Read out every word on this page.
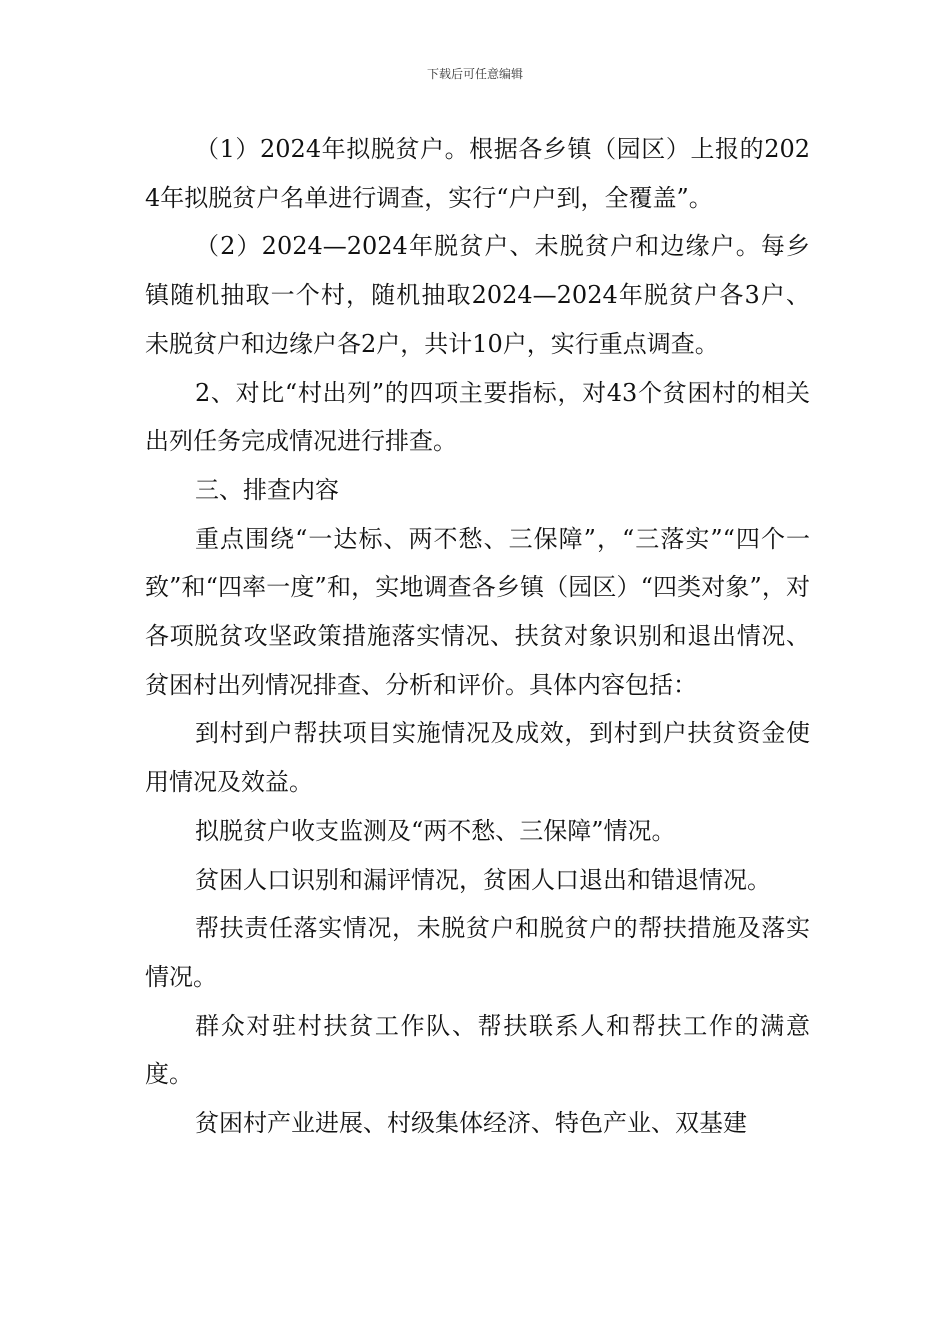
下载后可任意编辑

（1）2024年拟脱贫户。根据各乡镇（园区）上报的2024年拟脱贫户名单进行调查，实行“户户到，全覆盖”。

（2）2024—2024年脱贫户、未脱贫户和边缘户。每乡镇随机抽取一个村，随机抽取2024—2024年脱贫户各3户、未脱贫户和边缘户各2户，共计10户，实行重点调查。

2、对比“村出列”的四项主要指标，对43个贫困村的相关出列任务完成情况进行排查。

三、排查内容

重点围绕“一达标、两不愁、三保障”，“三落实”“四个一致”和“四率一度”和，实地调查各乡镇（园区）“四类对象”，对各项脱贫攻坚政策措施落实情况、扶贫对象识别和退出情况、贫困村出列情况排查、分析和评价。具体内容包括：

到村到户帮扶项目实施情况及成效，到村到户扶贫资金使用情况及效益。

拟脱贫户收支监测及“两不愁、三保障”情况。

贫困人口识别和漏评情况，贫困人口退出和错退情况。

帮扶责任落实情况，未脱贫户和脱贫户的帮扶措施及落实情况。

群众对驻村扶贫工作队、帮扶联系人和帮扶工作的满意度。

贫困村产业进展、村级集体经济、特色产业、双基建
